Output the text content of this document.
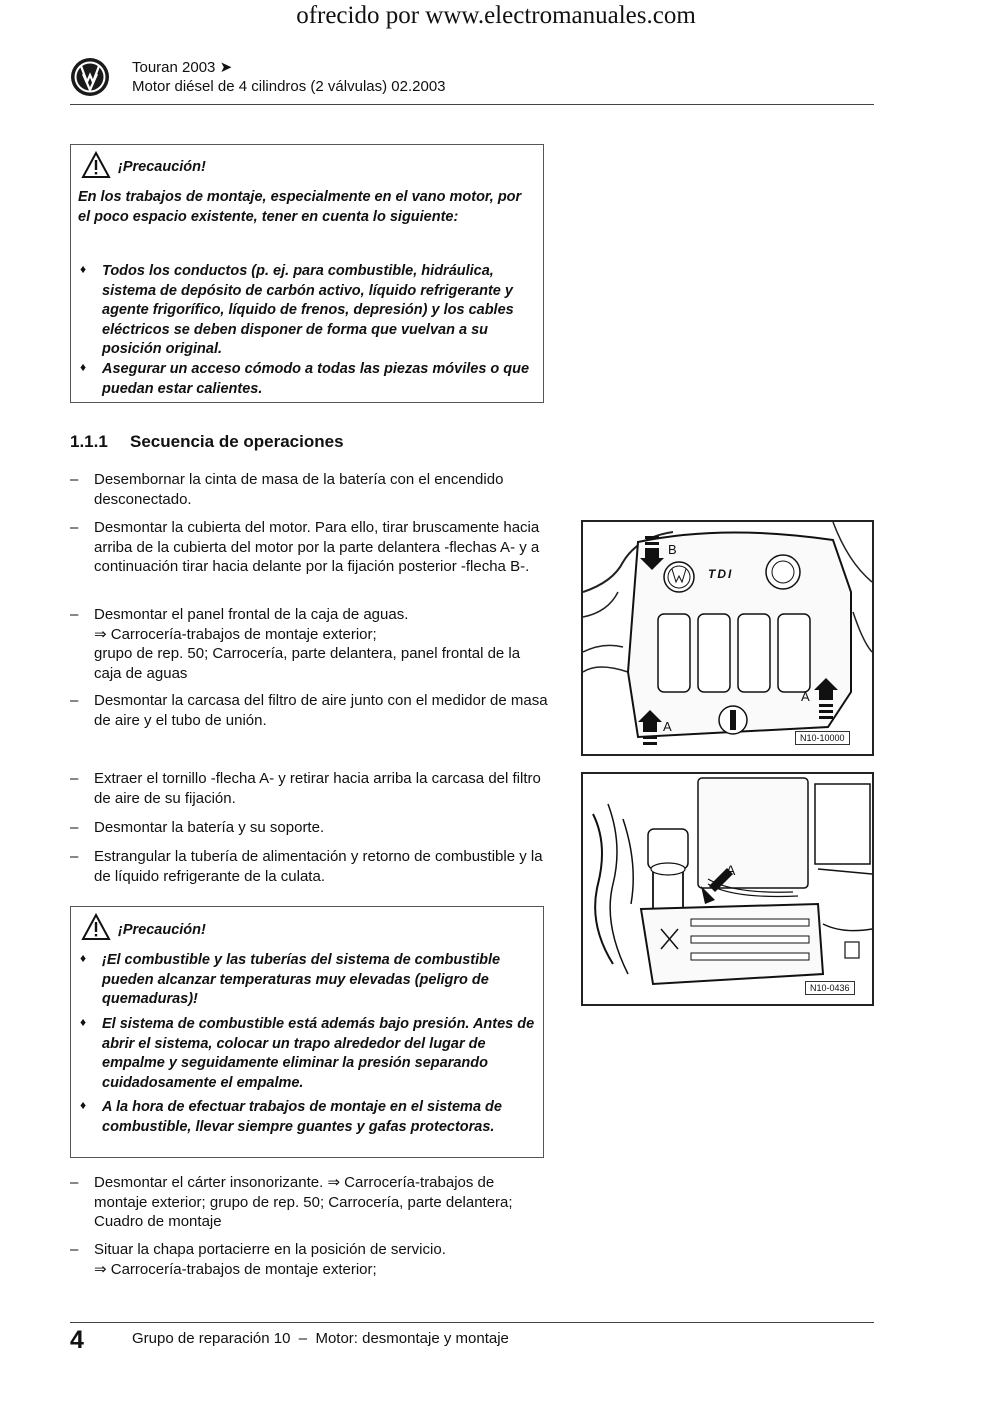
ofrecido por www.electromanuales.com
Touran 2003 ➤
Motor diésel de 4 cilindros (2 válvulas) 02.2003
¡Precaución!
En los trabajos de montaje, especialmente en el vano motor, por el poco espacio existente, tener en cuenta lo siguiente:
♦ Todos los conductos (p. ej. para combustible, hidráulica, sistema de depósito de carbón activo, líquido refrigerante y agente frigorífico, líquido de frenos, depresión) y los cables eléctricos se deben disponer de forma que vuelvan a su posición original.
♦ Asegurar un acceso cómodo a todas las piezas móviles o que puedan estar calientes.
1.1.1 Secuencia de operaciones
– Desembornar la cinta de masa de la batería con el encendido desconectado.
– Desmontar la cubierta del motor. Para ello, tirar bruscamente hacia arriba de la cubierta del motor por la parte delantera -flechas A- y a continuación tirar hacia delante por la fijación posterior -flecha B-.
– Desmontar el panel frontal de la caja de aguas.
⇒ Carrocería-trabajos de montaje exterior;
grupo de rep. 50; Carrocería, parte delantera, panel frontal de la caja de aguas
– Desmontar la carcasa del filtro de aire junto con el medidor de masa de aire y el tubo de unión.
– Extraer el tornillo -flecha A- y retirar hacia arriba la carcasa del filtro de aire de su fijación.
– Desmontar la batería y su soporte.
– Estrangular la tubería de alimentación y retorno de combustible y la de líquido refrigerante de la culata.
¡Precaución!
♦ ¡El combustible y las tuberías del sistema de combustible pueden alcanzar temperaturas muy elevadas (peligro de quemaduras)!
♦ El sistema de combustible está además bajo presión. Antes de abrir el sistema, colocar un trapo alrededor del lugar de empalme y seguidamente eliminar la presión separando cuidadosamente el empalme.
♦ A la hora de efectuar trabajos de montaje en el sistema de combustible, llevar siempre guantes y gafas protectoras.
– Desmontar el cárter insonorizante. ⇒ Carrocería-trabajos de montaje exterior; grupo de rep. 50; Carrocería, parte delantera; Cuadro de montaje
– Situar la chapa portacierre en la posición de servicio.
⇒ Carrocería-trabajos de montaje exterior;
TDI
B
A
A
N10-10000
A
N10-0436
4	Grupo de reparación 10  –  Motor: desmontaje y montaje
